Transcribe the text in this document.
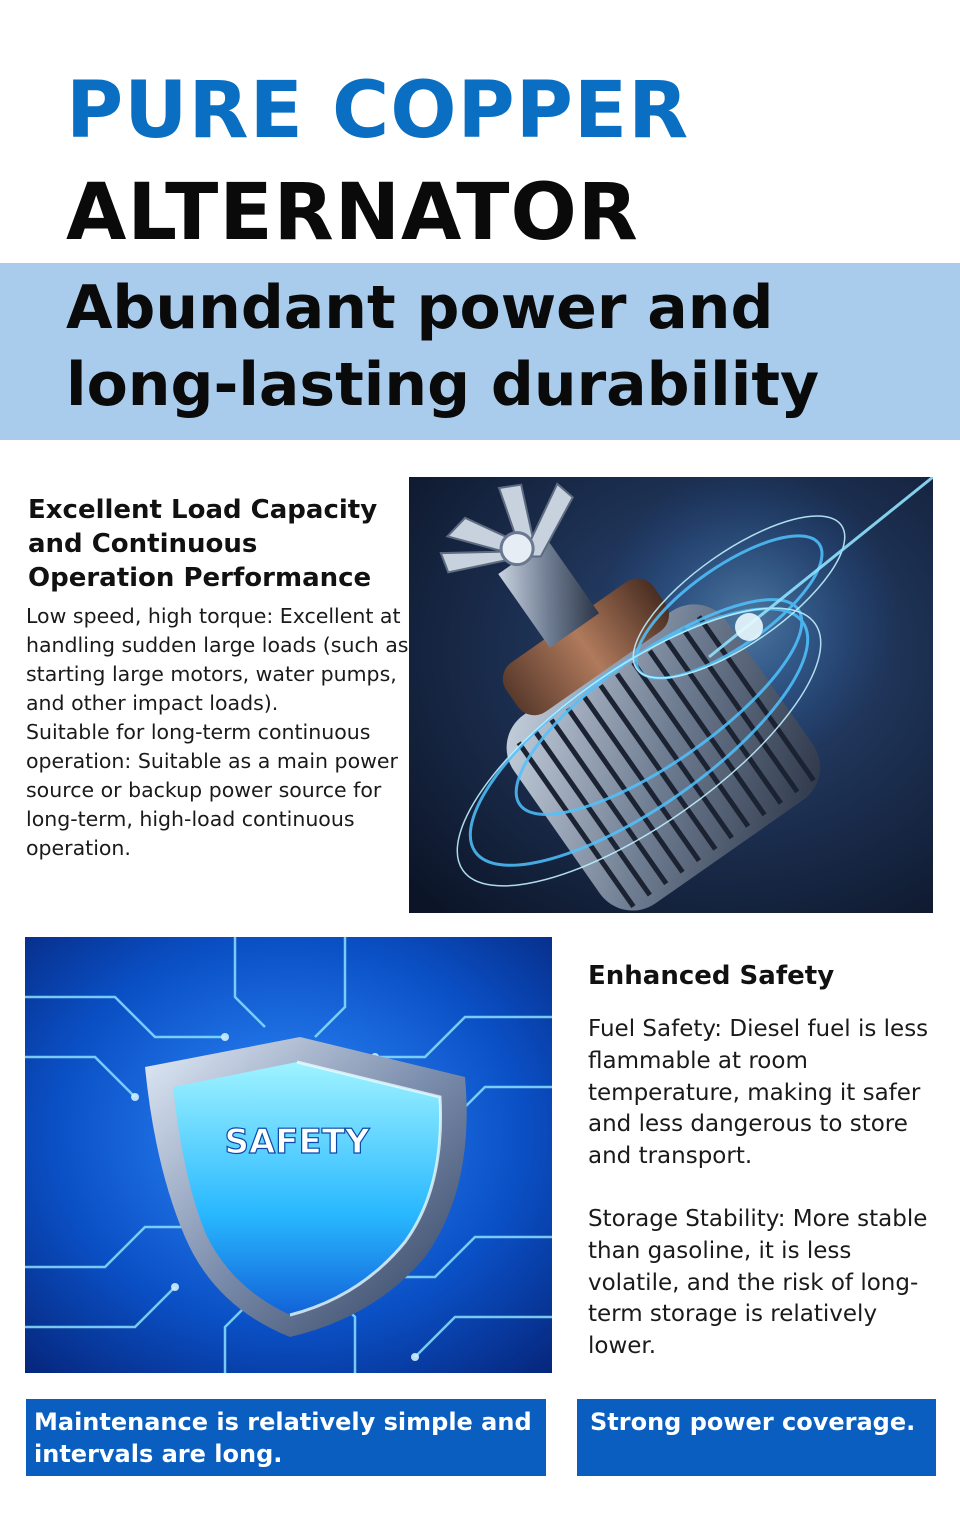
PURE COPPER
ALTERNATOR
Abundant power and
long-lasting durability
Excellent Load Capacity and Continuous Operation Performance

Low speed, high torque: Excellent at handling sudden large loads (such as starting large motors, water pumps, and other impact loads).

Suitable for long-term continuous operation: Suitable as a main power source or backup power source for long-term, high-load continuous operation.

SAFETY
Enhanced Safety

Fuel Safety: Diesel fuel is less flammable at room temperature, making it safer and less dangerous to store and transport.

Storage Stability: More stable than gasoline, it is less volatile, and the risk of long-term storage is relatively lower.

Maintenance is relatively simple and intervals are long.
Strong power coverage.
